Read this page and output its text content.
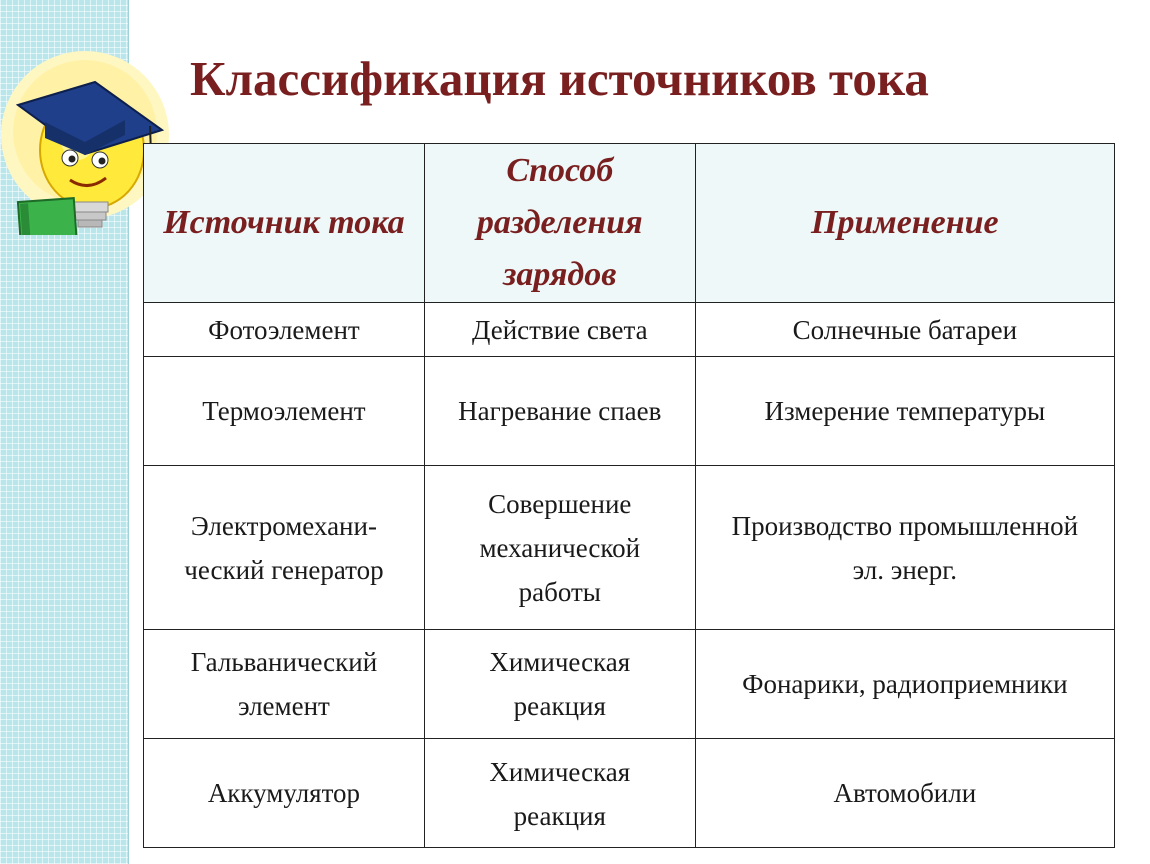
Классификация источников тока
Источник тока	Способ разделения зарядов	Применение
Фотоэлемент	Действие света	Солнечные батареи
Термоэлемент	Нагревание спаев	Измерение температуры
Электромехани-ческий генератор	Совершение механической работы	Производство промышленной эл. энерг.
Гальванический элемент	Химическая реакция	Фонарики, радиоприемники
Аккумулятор	Химическая реакция	Автомобили
